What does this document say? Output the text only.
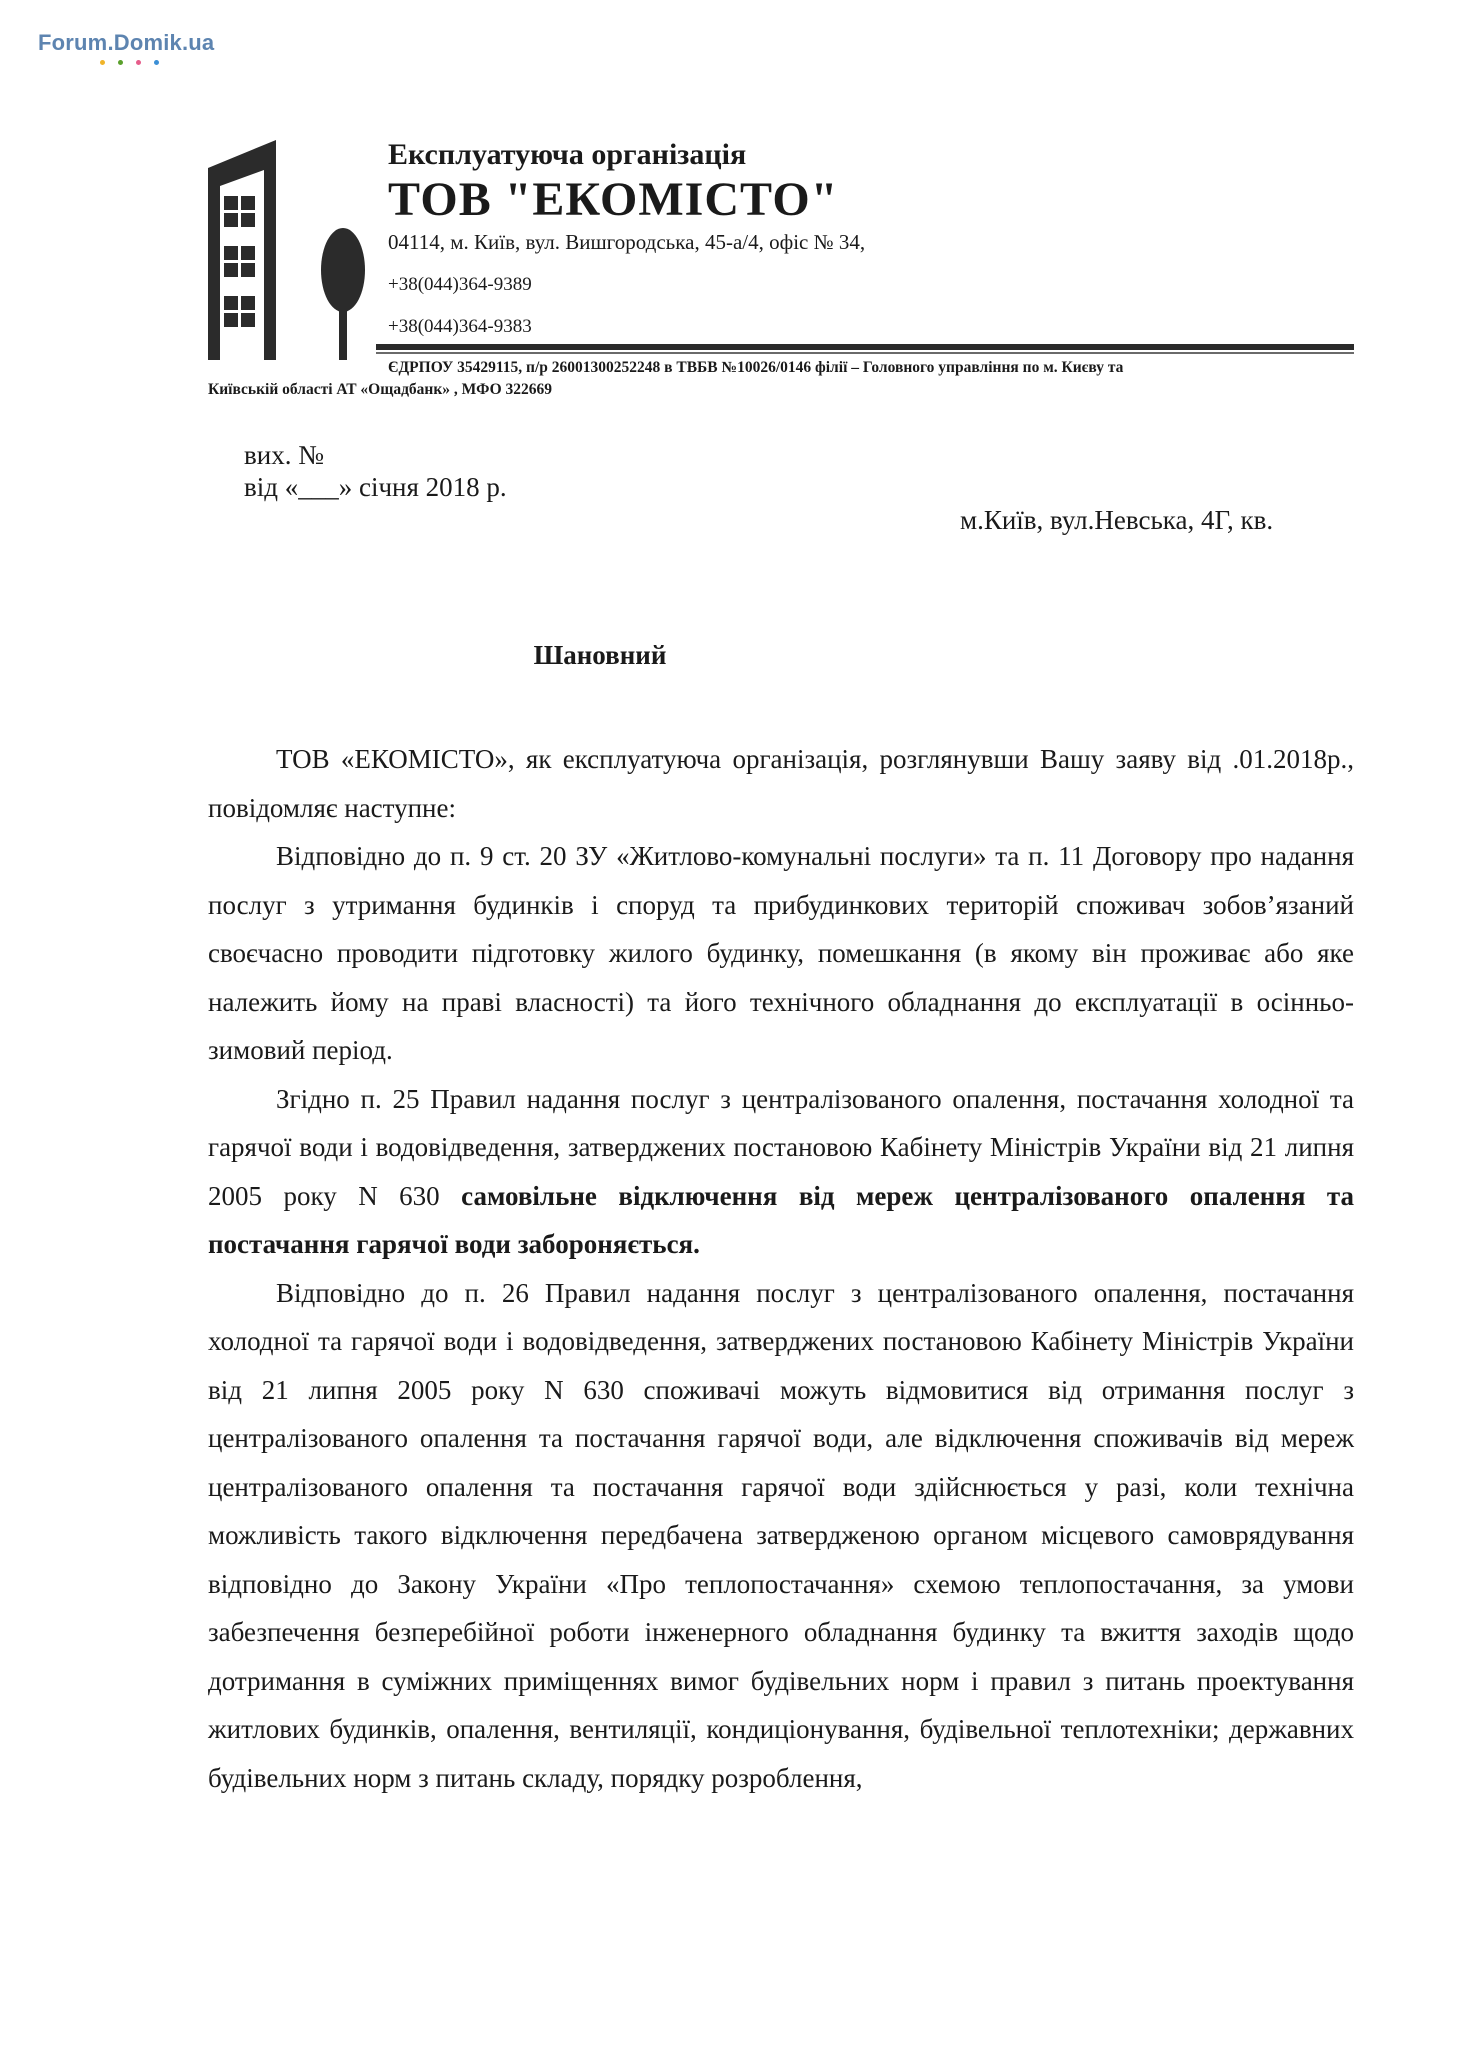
Forum.Domik.ua
Експлуатуюча організація
ТОВ "ЕКОМІСТО"
04114, м. Київ, вул. Вишгородська, 45-а/4, офіс № 34,
+38(044)364-9389
+38(044)364-9383
ЄДРПОУ 35429115, п/р 26001300252248 в ТВБВ №10026/0146 філії – Головного управління по м. Києву та
Київській області АТ «Ощадбанк» , МФО 322669
вих. №
від «___» січня 2018 р.
м.Київ, вул.Невська, 4Г, кв.
Шановний

ТОВ «ЕКОМІСТО», як експлуатуюча організація, розглянувши Вашу заяву від .01.2018р., повідомляє наступне:

Відповідно до п. 9 ст. 20 ЗУ «Житлово-комунальні послуги» та п. 11 Договору про надання послуг з утримання будинків і споруд та прибудинкових територій споживач зобов’язаний своєчасно проводити підготовку жилого будинку, помешкання (в якому він проживає або яке належить йому на праві власності) та його технічного обладнання до експлуатації в осінньо-зимовий період.

Згідно п. 25 Правил надання послуг з централізованого опалення, постачання холодної та гарячої води і водовідведення, затверджених постановою Кабінету Міністрів України від 21 липня 2005 року N 630 самовільне відключення від мереж централізованого опалення та постачання гарячої води забороняється.

Відповідно до п. 26 Правил надання послуг з централізованого опалення, постачання холодної та гарячої води і водовідведення, затверджених постановою Кабінету Міністрів України від 21 липня 2005 року N 630 споживачі можуть відмовитися від отримання послуг з централізованого опалення та постачання гарячої води, але відключення споживачів від мереж централізованого опалення та постачання гарячої води здійснюється у разі, коли технічна можливість такого відключення передбачена затвердженою органом місцевого самоврядування відповідно до Закону України «Про теплопостачання» схемою теплопостачання, за умови забезпечення безперебійної роботи інженерного обладнання будинку та вжиття заходів щодо дотримання в суміжних приміщеннях вимог будівельних норм і правил з питань проектування житлових будинків, опалення, вентиляції, кондиціонування, будівельної теплотехніки; державних будівельних норм з питань складу, порядку розроблення,
